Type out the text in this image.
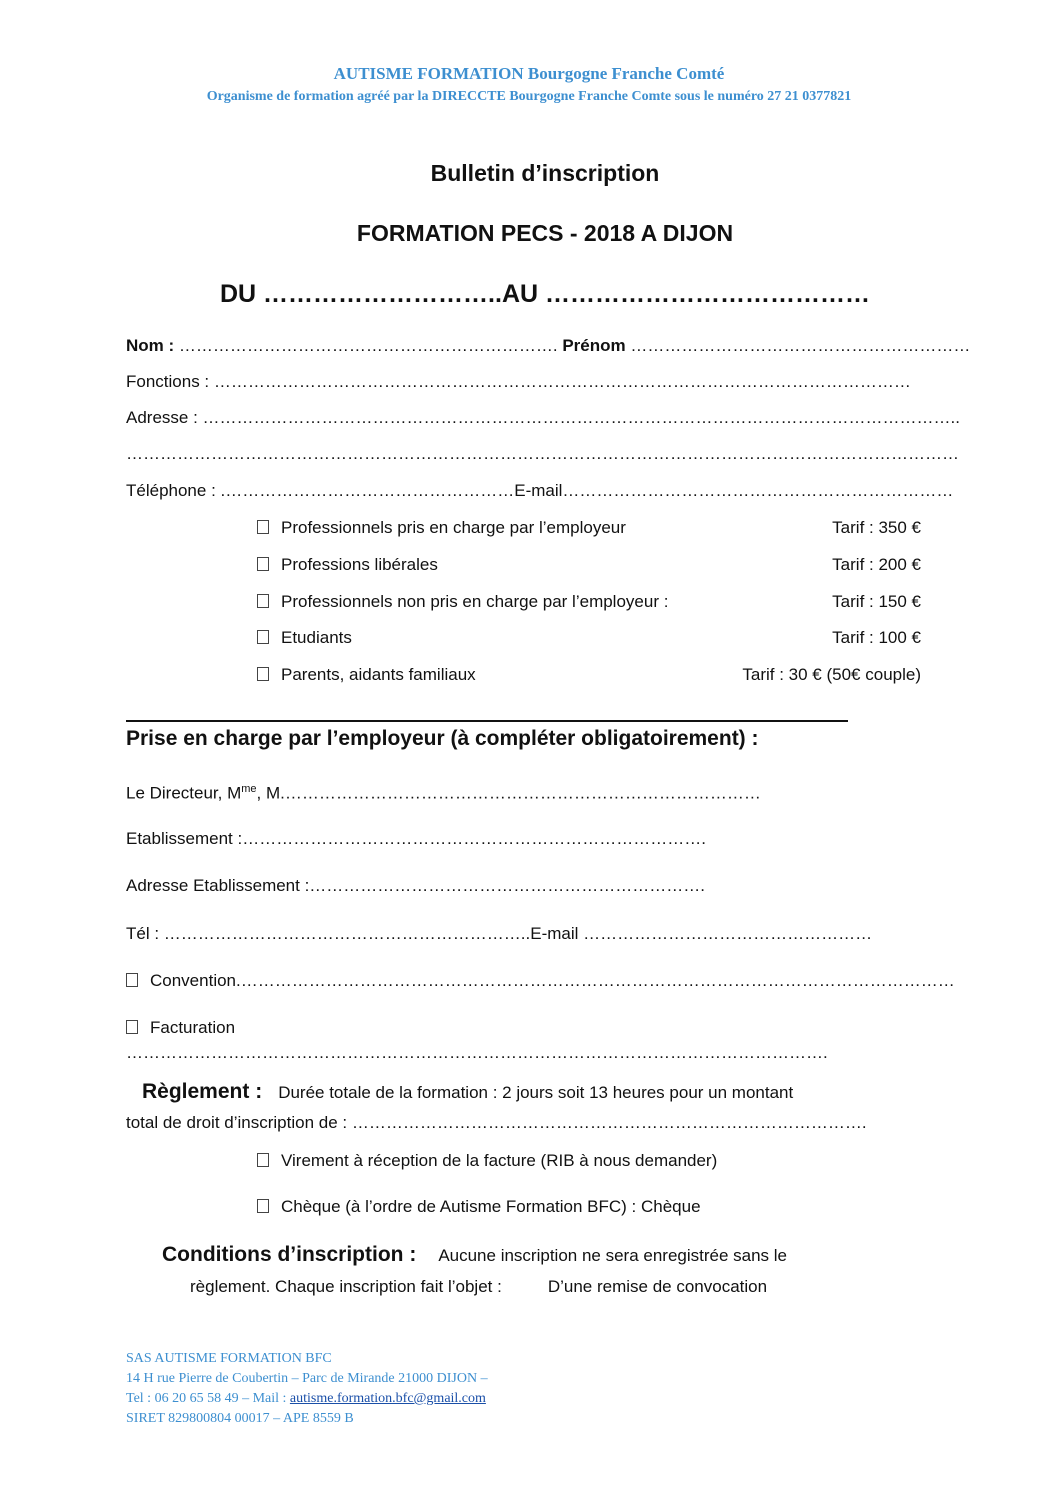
AUTISME FORMATION Bourgogne Franche Comté
Organisme de formation agréé par la DIRECCTE Bourgogne Franche Comte sous le numéro 27 21 0377821
Bulletin d’inscription
FORMATION PECS - 2018 A DIJON
DU ………………………..AU …………………………………
Nom : …………………………………………………………. Prénom ……………………………………………………
Fonctions : ……………………………………………………………………………………………………………
Adresse : ……………………………………………………………………………………………………………………..
…………………………………………………………………………………………………………………………………
Téléphone : .……………………………………………E-mail……………………………………………………………
Professionnels pris en charge par l’employeur	Tarif : 350 €
Professions libérales	Tarif : 200 €
Professionnels non pris en charge par l’employeur :	Tarif : 150 €
Etudiants	Tarif : 100 €
Parents, aidants familiaux	Tarif : 30 € (50€ couple)
Prise en charge par l’employeur (à compléter obligatoirement) :
Le Directeur, $M^{me}$, M.…………………………………………………………………………
Etablissement :……………………………………………………………………….
Adresse Etablissement :…………………………………………………………….
Tél : ………………………………………………………..E-mail ……………………………………………
Convention.………………………………………………………………………………………………………………
Facturation
…………………………………………………………………………………………………………….
Règlement : Durée totale de la formation : 2 jours soit 13 heures pour un montant
total de droit d’inscription de : ……………………………………………………………………………….
Virement à réception de la facture (RIB à nous demander)
Chèque (à l’ordre de Autisme Formation BFC) : Chèque
Conditions d’inscription : Aucune inscription ne sera enregistrée sans le
règlement. Chaque inscription fait l’objet :	D’une remise de convocation
SAS AUTISME FORMATION BFC
14 H rue Pierre de Coubertin – Parc de Mirande 21000 DIJON –
Tel : 06 20 65 58 49 – Mail : autisme.formation.bfc@gmail.com
SIRET 829800804 00017 – APE 8559 B
